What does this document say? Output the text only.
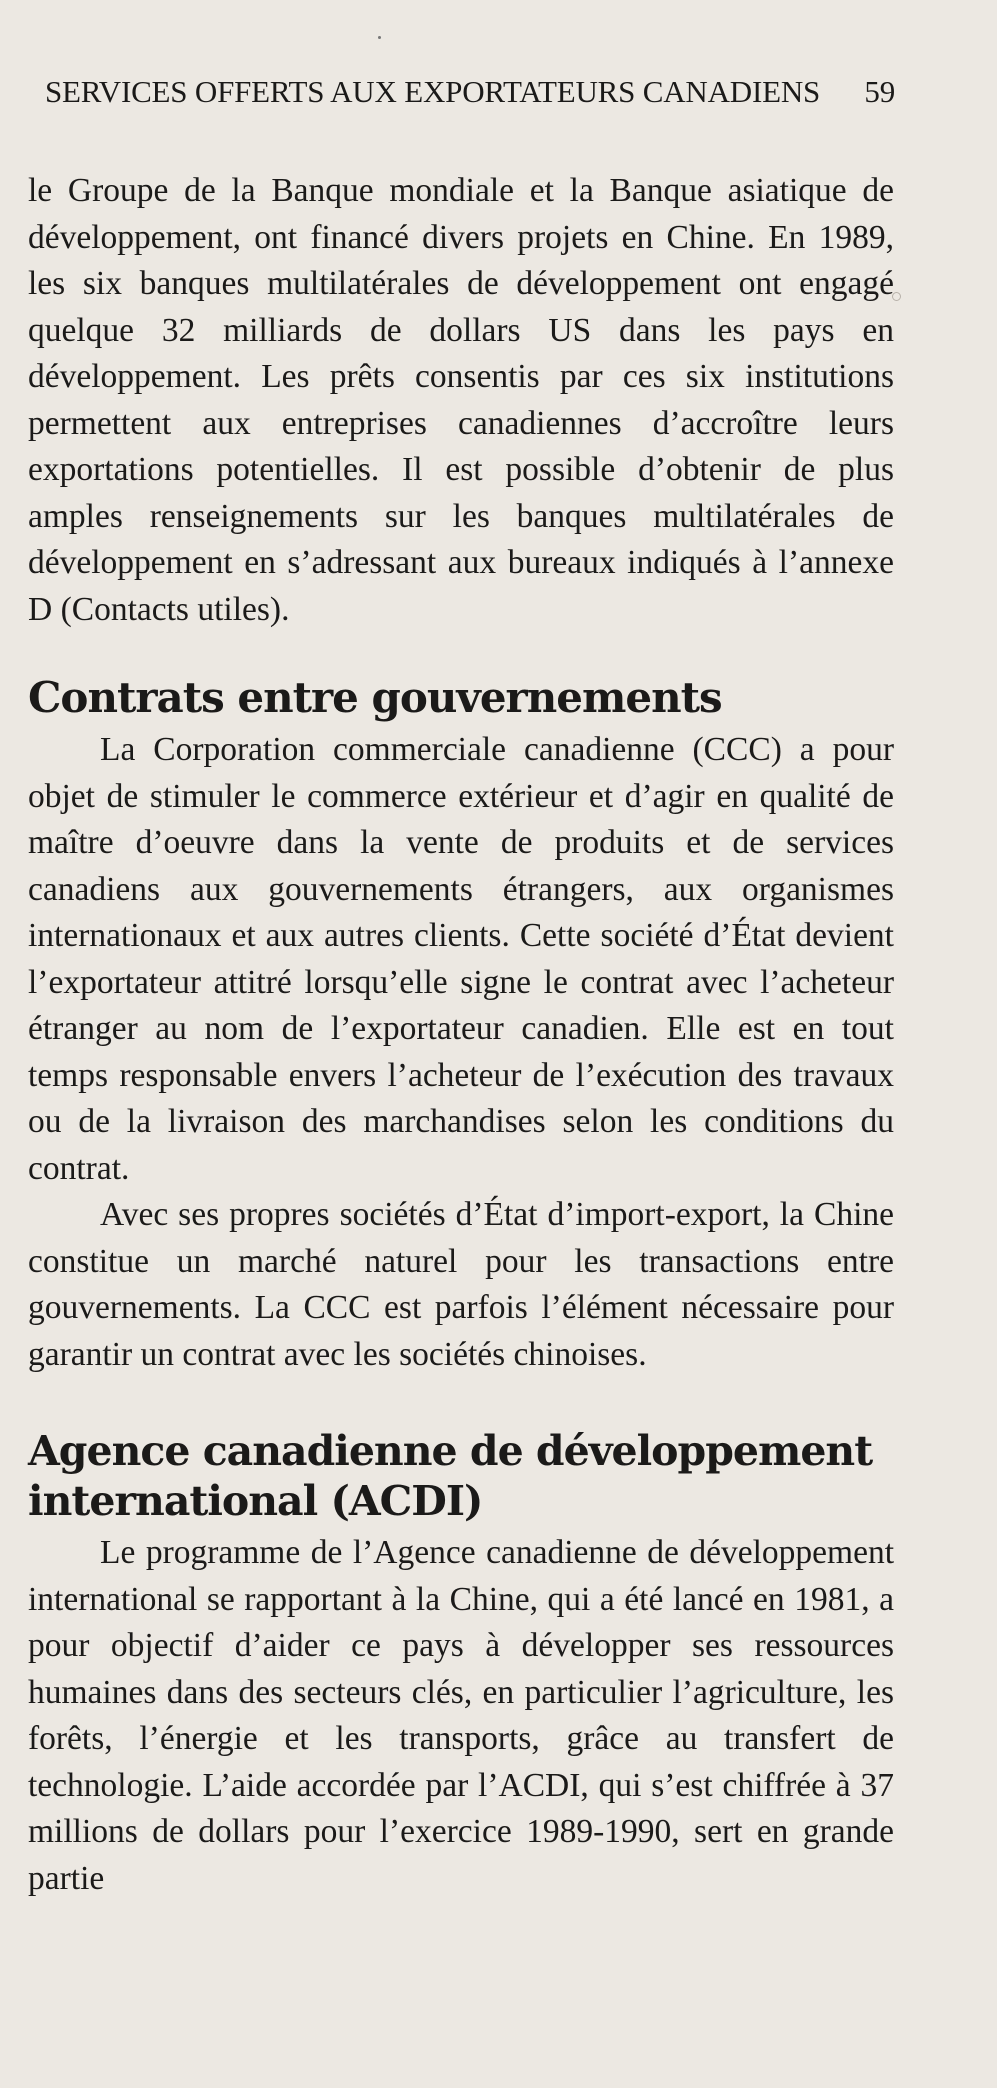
SERVICES OFFERTS AUX EXPORTATEURS CANADIENS 59

le Groupe de la Banque mondiale et la Banque asiatique de développement, ont financé divers projets en Chine. En 1989, les six banques multilatérales de développement ont engagé quelque 32 milliards de dollars US dans les pays en développement. Les prêts consentis par ces six institutions permettent aux entreprises canadiennes d’accroître leurs exportations potentielles. Il est possible d’obtenir de plus amples renseignements sur les banques multilatérales de développement en s’adressant aux bureaux indiqués à l’annexe D (Contacts utiles).

Contrats entre gouvernements

La Corporation commerciale canadienne (CCC) a pour objet de stimuler le commerce extérieur et d’agir en qualité de maître d’oeuvre dans la vente de produits et de services canadiens aux gouvernements étrangers, aux organismes internationaux et aux autres clients. Cette société d’État devient l’exportateur attitré lorsqu’elle signe le contrat avec l’acheteur étranger au nom de l’exportateur canadien. Elle est en tout temps responsable envers l’acheteur de l’exécution des travaux ou de la livraison des marchandises selon les conditions du contrat.

Avec ses propres sociétés d’État d’import-export, la Chine constitue un marché naturel pour les transactions entre gouvernements. La CCC est parfois l’élément nécessaire pour garantir un contrat avec les sociétés chinoises.

Agence canadienne de développement international (ACDI)

Le programme de l’Agence canadienne de développement international se rapportant à la Chine, qui a été lancé en 1981, a pour objectif d’aider ce pays à développer ses ressources humaines dans des secteurs clés, en particulier l’agriculture, les forêts, l’énergie et les transports, grâce au transfert de technologie. L’aide accordée par l’ACDI, qui s’est chiffrée à 37 millions de dollars pour l’exercice 1989-1990, sert en grande partie
